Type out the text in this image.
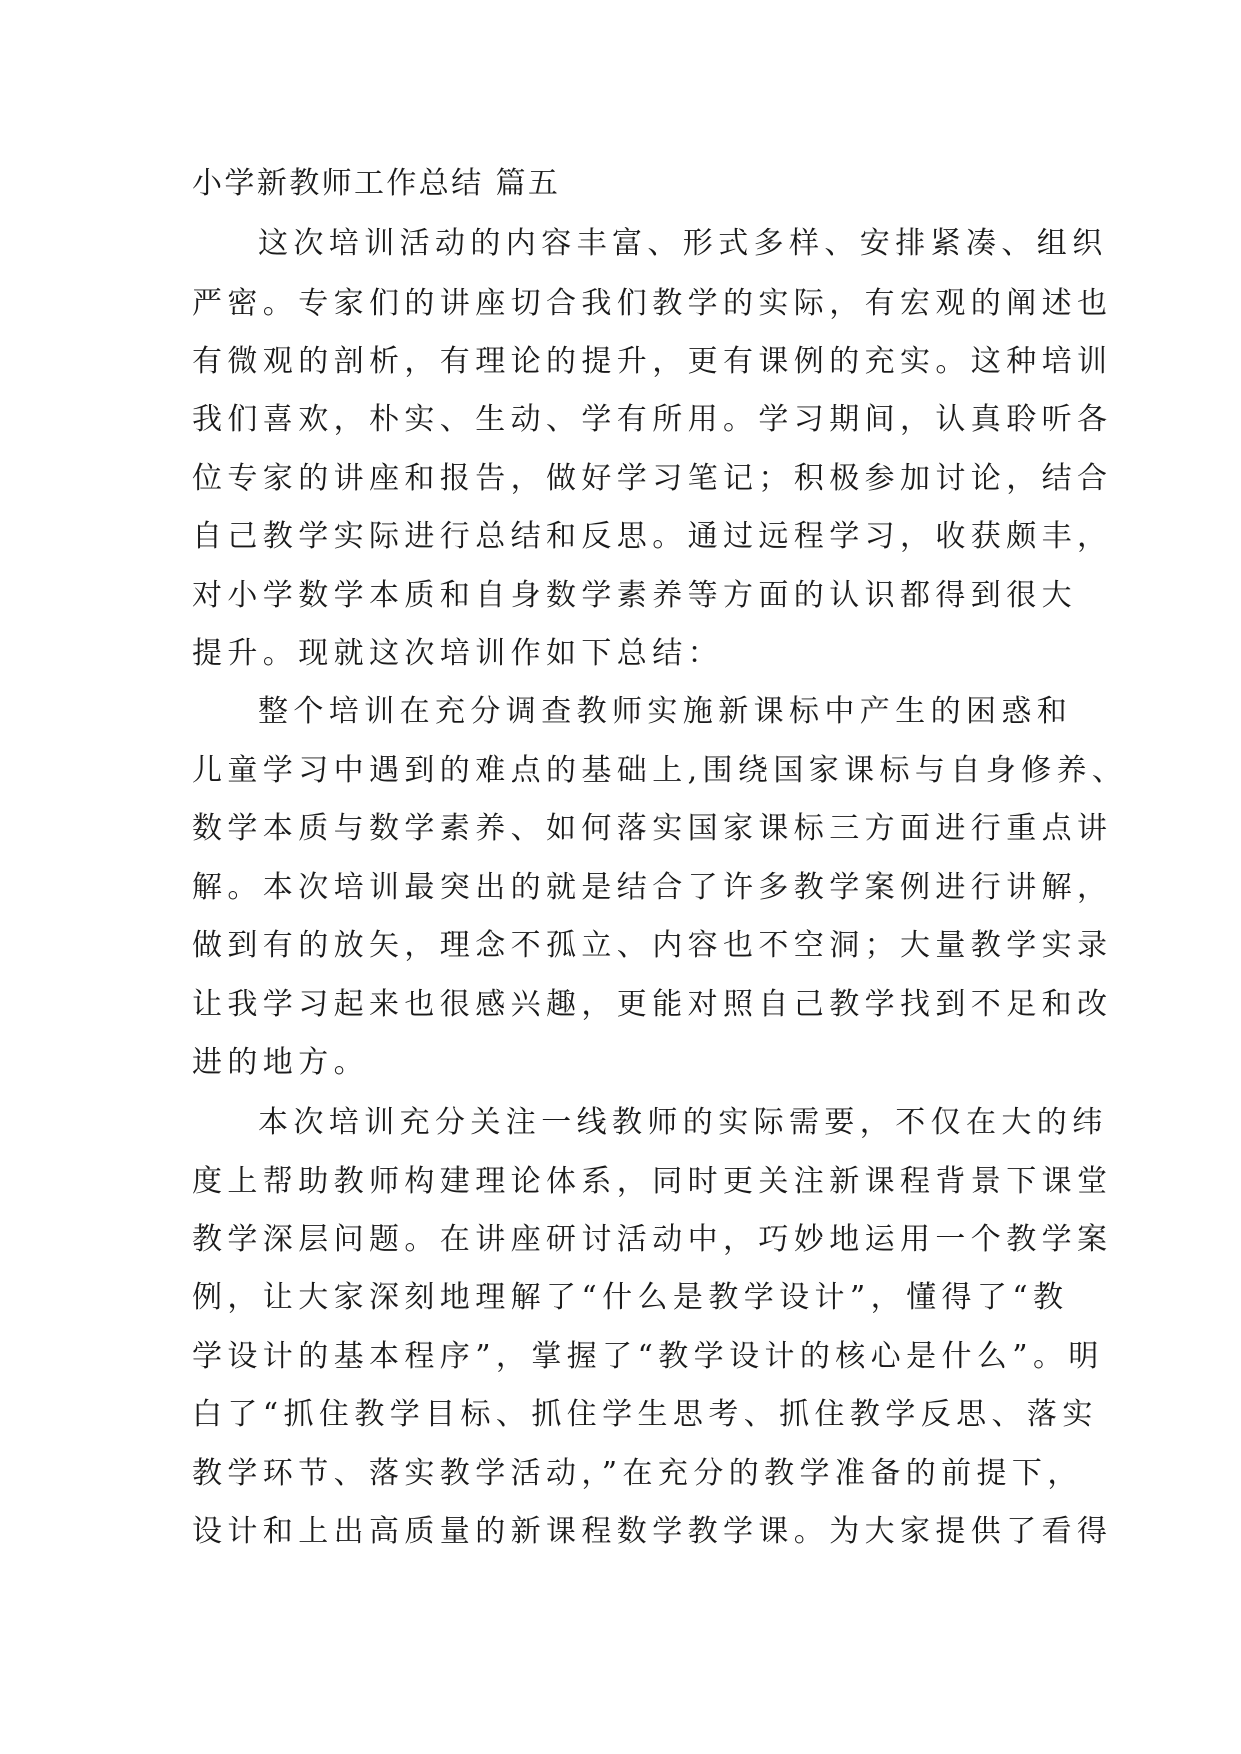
小学新教师工作总结 篇五
这次培训活动的内容丰富、形式多样、安排紧凑、组织
严密。专家们的讲座切合我们教学的实际，有宏观的阐述也
有微观的剖析，有理论的提升，更有课例的充实。这种培训
我们喜欢，朴实、生动、学有所用。学习期间，认真聆听各
位专家的讲座和报告，做好学习笔记；积极参加讨论，结合
自己教学实际进行总结和反思。通过远程学习，收获颇丰，
对小学数学本质和自身数学素养等方面的认识都得到很大
提升。现就这次培训作如下总结：
整个培训在充分调查教师实施新课标中产生的困惑和
儿童学习中遇到的难点的基础上,围绕国家课标与自身修养、
数学本质与数学素养、如何落实国家课标三方面进行重点讲
解。本次培训最突出的就是结合了许多教学案例进行讲解，
做到有的放矢，理念不孤立、内容也不空洞；大量教学实录
让我学习起来也很感兴趣，更能对照自己教学找到不足和改
进的地方。
本次培训充分关注一线教师的实际需要，不仅在大的纬
度上帮助教师构建理论体系，同时更关注新课程背景下课堂
教学深层问题。在讲座研讨活动中，巧妙地运用一个教学案
例，让大家深刻地理解了“什么是教学设计”，懂得了“教
学设计的基本程序”，掌握了“教学设计的核心是什么”。明
白了“抓住教学目标、抓住学生思考、抓住教学反思、落实
教学环节、落实教学活动，”在充分的教学准备的前提下，
设计和上出高质量的新课程数学教学课。为大家提供了看得
